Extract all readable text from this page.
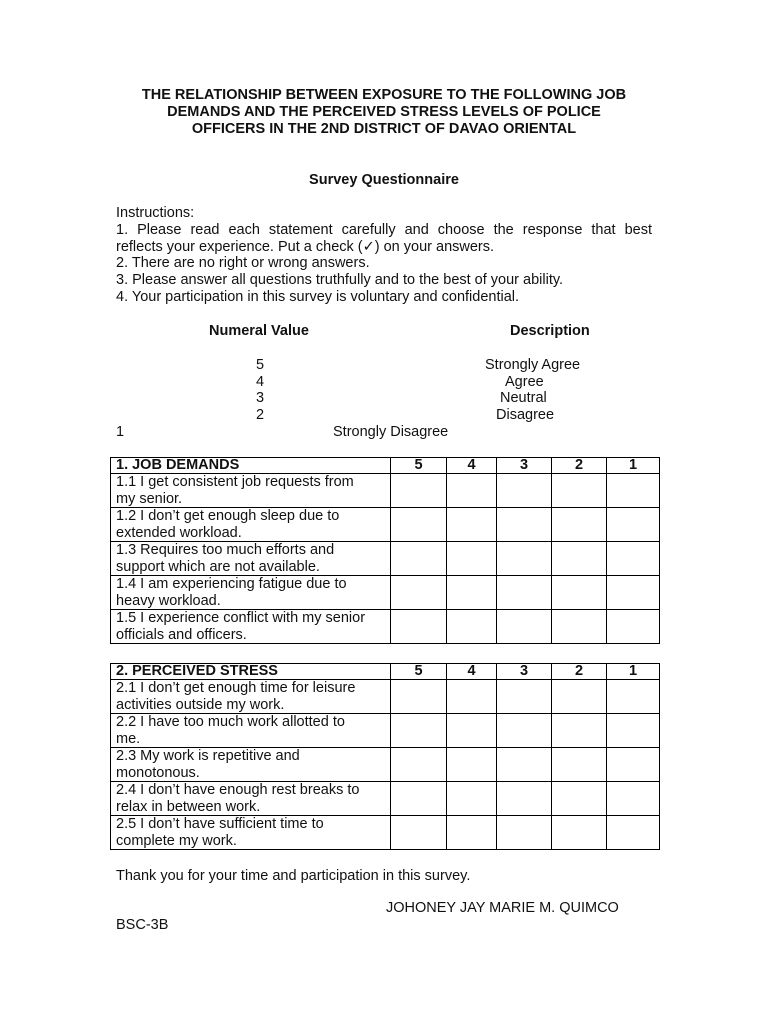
THE RELATIONSHIP BETWEEN EXPOSURE TO THE FOLLOWING JOB
DEMANDS AND THE PERCEIVED STRESS LEVELS OF POLICE
OFFICERS IN THE 2ND DISTRICT OF DAVAO ORIENTAL
Survey Questionnaire
Instructions:
1. Please read each statement carefully and choose the response that best
reflects your experience. Put a check (✓) on your answers.
2. There are no right or wrong answers.
3. Please answer all questions truthfully and to the best of your ability.
4. Your participation in this survey is voluntary and confidential.
Numeral Value	Description
5	Strongly Agree
4	Agree
3	Neutral
2	Disagree
1	Strongly Disagree
1. JOB DEMANDS	5	4	3	2	1

1.1 I get consistent job requests from
my senior.					

1.2 I don’t get enough sleep due to
extended workload.					

1.3 Requires too much efforts and
support which are not available.					

1.4 I am experiencing fatigue due to
heavy workload.					

1.5 I experience conflict with my senior
officials and officers.					

2. PERCEIVED STRESS	5	4	3	2	1

2.1 I don’t get enough time for leisure
activities outside my work.					

2.2 I have too much work allotted to
me.					

2.3 My work is repetitive and
monotonous.					

2.4 I don’t have enough rest breaks to
relax in between work.					

2.5 I don’t have sufficient time to
complete my work.					

Thank you for your time and participation in this survey.
JOHONEY JAY MARIE M. QUIMCO
BSC-3B
